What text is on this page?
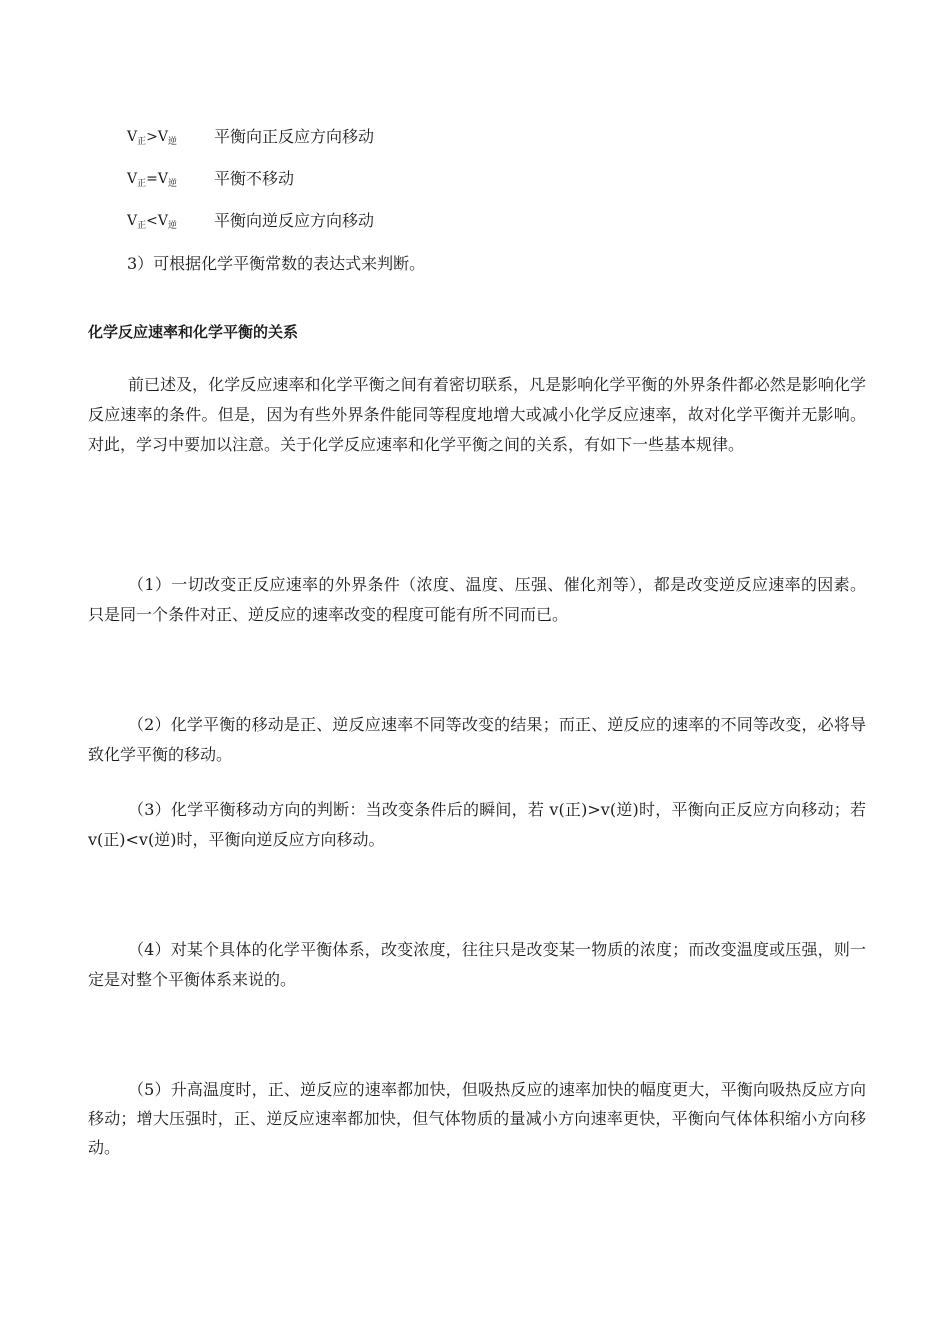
$V_正>V_逆$ 平衡向正反应方向移动
$V_正=V_逆$ 平衡不移动
$V_正<V_逆$ 平衡向逆反应方向移动
3）可根据化学平衡常数的表达式来判断。
化学反应速率和化学平衡的关系
前已述及，化学反应速率和化学平衡之间有着密切联系，凡是影响化学平衡的外界条件都必然是影响化学反应速率的条件。但是，因为有些外界条件能同等程度地增大或减小化学反应速率，故对化学平衡并无影响。对此，学习中要加以注意。关于化学反应速率和化学平衡之间的关系，有如下一些基本规律。
（1）一切改变正反应速率的外界条件（浓度、温度、压强、催化剂等），都是改变逆反应速率的因素。只是同一个条件对正、逆反应的速率改变的程度可能有所不同而已。
（2）化学平衡的移动是正、逆反应速率不同等改变的结果；而正、逆反应的速率的不同等改变，必将导致化学平衡的移动。
（3）化学平衡移动方向的判断：当改变条件后的瞬间，若 v(正)>v(逆)时，平衡向正反应方向移动；若 v(正)<v(逆)时，平衡向逆反应方向移动。
（4）对某个具体的化学平衡体系，改变浓度，往往只是改变某一物质的浓度；而改变温度或压强，则一定是对整个平衡体系来说的。
（5）升高温度时，正、逆反应的速率都加快，但吸热反应的速率加快的幅度更大，平衡向吸热反应方向移动；增大压强时，正、逆反应速率都加快，但气体物质的量减小方向速率更快，平衡向气体体积缩小方向移动。
